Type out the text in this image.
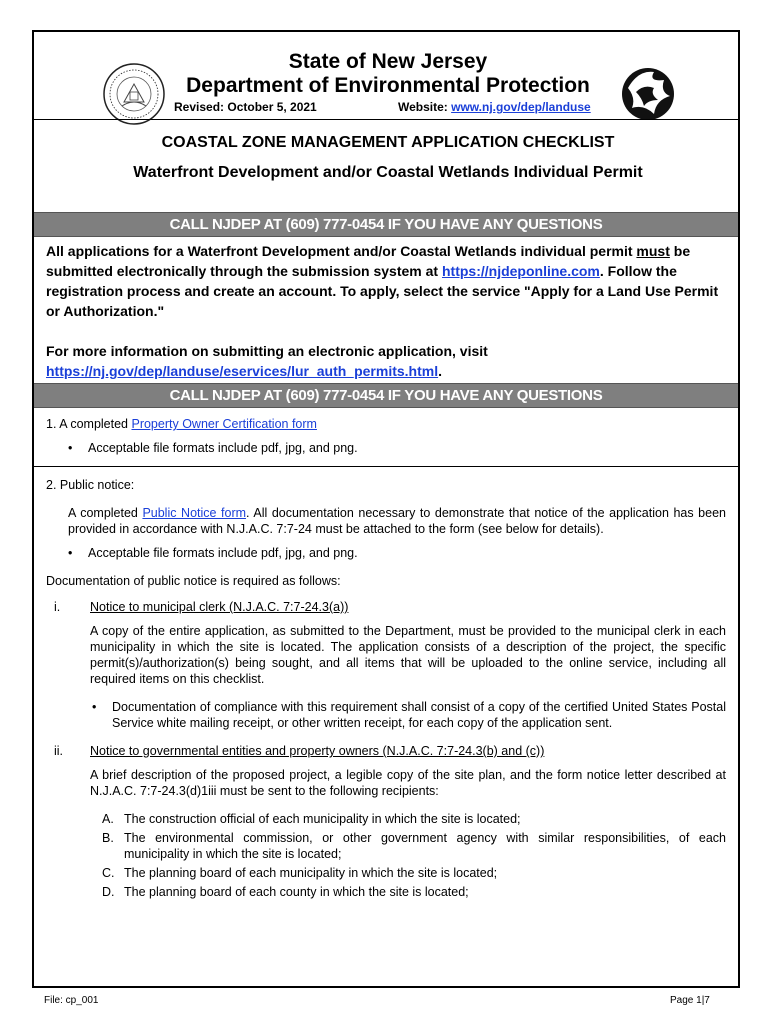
State of New Jersey
Department of Environmental Protection
Revised: October 5, 2021	Website: www.nj.gov/dep/landuse
COASTAL ZONE MANAGEMENT APPLICATION CHECKLIST
Waterfront Development and/or Coastal Wetlands Individual Permit
CALL NJDEP AT (609) 777-0454 IF YOU HAVE ANY QUESTIONS

All applications for a Waterfront Development and/or Coastal Wetlands individual permit must be submitted electronically through the submission system at https://njdeponline.com. Follow the registration process and create an account. To apply, select the service "Apply for a Land Use Permit or Authorization."

For more information on submitting an electronic application, visit https://nj.gov/dep/landuse/eservices/lur_auth_permits.html.

CALL NJDEP AT (609) 777-0454 IF YOU HAVE ANY QUESTIONS

1. A completed Property Owner Certification form

• Acceptable file formats include pdf, jpg, and png.

2. Public notice:

A completed Public Notice form. All documentation necessary to demonstrate that notice of the application has been provided in accordance with N.J.A.C. 7:7-24 must be attached to the form (see below for details).

• Acceptable file formats include pdf, jpg, and png.

Documentation of public notice is required as follows:

i. Notice to municipal clerk (N.J.A.C. 7:7-24.3(a))

A copy of the entire application, as submitted to the Department, must be provided to the municipal clerk in each municipality in which the site is located. The application consists of a description of the project, the specific permit(s)/authorization(s) being sought, and all items that will be uploaded to the online service, including all required items on this checklist.

• Documentation of compliance with this requirement shall consist of a copy of the certified United States Postal Service white mailing receipt, or other written receipt, for each copy of the application sent.
ii. Notice to governmental entities and property owners (N.J.A.C. 7:7-24.3(b) and (c))

A brief description of the proposed project, a legible copy of the site plan, and the form notice letter described at N.J.A.C. 7:7-24.3(d)1iii must be sent to the following recipients:

A. The construction official of each municipality in which the site is located;
B. The environmental commission, or other government agency with similar responsibilities, of each municipality in which the site is located;
C. The planning board of each municipality in which the site is located;
D. The planning board of each county in which the site is located;
File: cp_001	Page 1|7
